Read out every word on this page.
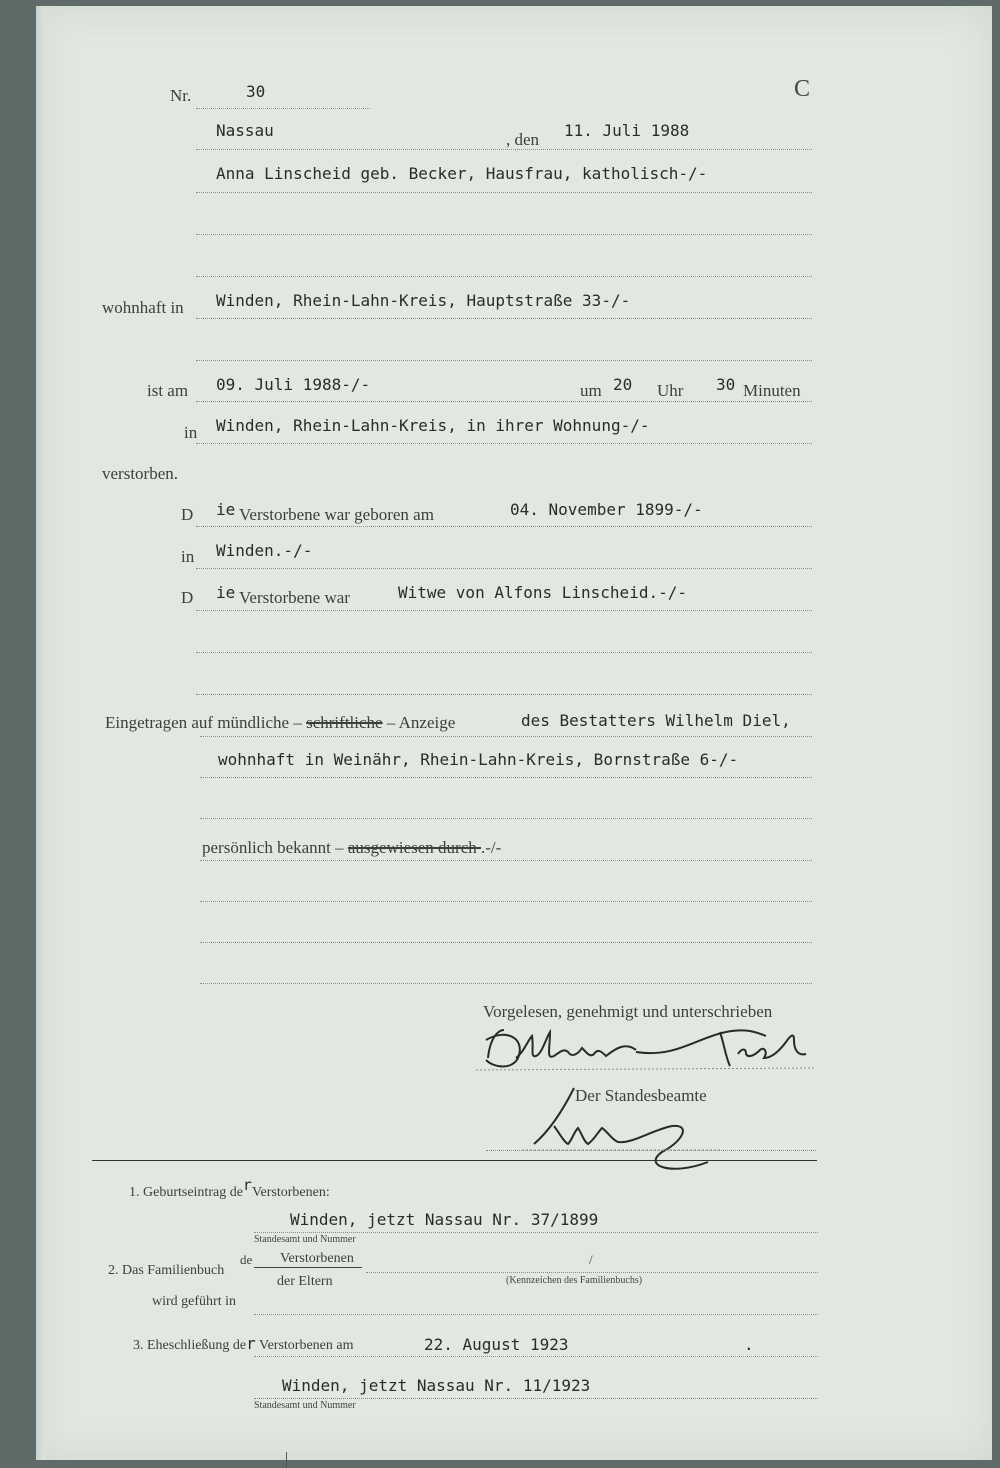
Nr.	30	C
Nassau	, den 11. Juli 1988
Anna Linscheid geb. Becker, Hausfrau, katholisch-/-
wohnhaft in Winden, Rhein-Lahn-Kreis, Hauptstraße 33-/-
ist am 09. Juli 1988-/-	um 20 Uhr 30 Minuten
in Winden, Rhein-Lahn-Kreis, in ihrer Wohnung-/-
verstorben.
D ie Verstorbene war geboren am	04. November 1899-/-
in Winden.-/-
D ie Verstorbene war	Witwe von Alfons Linscheid.-/-
Eingetragen auf mündliche – schriftliche – Anzeige	des Bestatters Wilhelm Diel,
wohnhaft in Weinähr, Rhein-Lahn-Kreis, Bornstraße 6-/-
persönlich bekannt – ausgewiesen durch .-/-
Vorgelesen, genehmigt und unterschrieben
Der Standesbeamte
1. Geburtseintrag derVerstorbenen:
Winden, jetzt Nassau Nr. 37/1899
Standesamt und Nummer
2. Das Familienbuch
de Verstorbenen
der Eltern
/
(Kennzeichen des Familienbuchs)
wird geführt in
3. Eheschließung der Verstorbenen am	22. August 1923	.
Winden, jetzt Nassau Nr. 11/1923
Standesamt und Nummer
